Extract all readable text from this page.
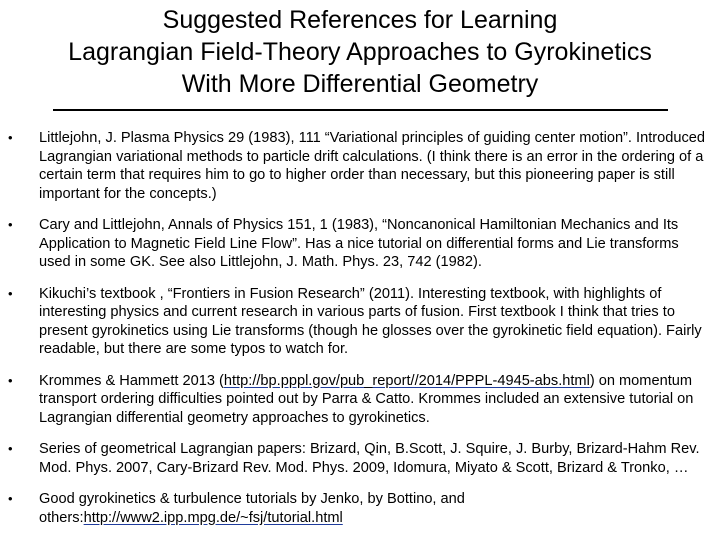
Suggested References for Learning
Lagrangian Field-Theory Approaches to Gyrokinetics
With More Differential Geometry
• Littlejohn, J. Plasma Physics 29 (1983), 111 “Variational principles of guiding center motion”. Introduced Lagrangian variational methods to particle drift calculations. (I think there is an error in the ordering of a certain term that requires him to go to higher order than necessary, but this pioneering paper is still important for the concepts.)
• Cary and Littlejohn, Annals of Physics 151, 1 (1983), “Noncanonical Hamiltonian Mechanics and Its Application to Magnetic Field Line Flow”. Has a nice tutorial on differential forms and Lie transforms used in some GK. See also Littlejohn, J. Math. Phys. 23, 742 (1982).
• Kikuchi’s textbook , “Frontiers in Fusion Research” (2011). Interesting textbook, with highlights of interesting physics and current research in various parts of fusion. First textbook I think that tries to present gyrokinetics using Lie transforms (though he glosses over the gyrokinetic field equation). Fairly readable, but there are some typos to watch for.
• Krommes & Hammett 2013 (http://bp.pppl.gov/pub_report//2014/PPPL-4945-abs.html) on momentum transport ordering difficulties pointed out by Parra & Catto. Krommes included an extensive tutorial on Lagrangian differential geometry approaches to gyrokinetics.
• Series of geometrical Lagrangian papers: Brizard, Qin, B.Scott, J. Squire, J. Burby, Brizard-Hahm Rev. Mod. Phys. 2007, Cary-Brizard Rev. Mod. Phys. 2009, Idomura, Miyato & Scott, Brizard & Tronko, …
• Good gyrokinetics & turbulence tutorials by Jenko, by Bottino, and others:http://www2.ipp.mpg.de/~fsj/tutorial.html
